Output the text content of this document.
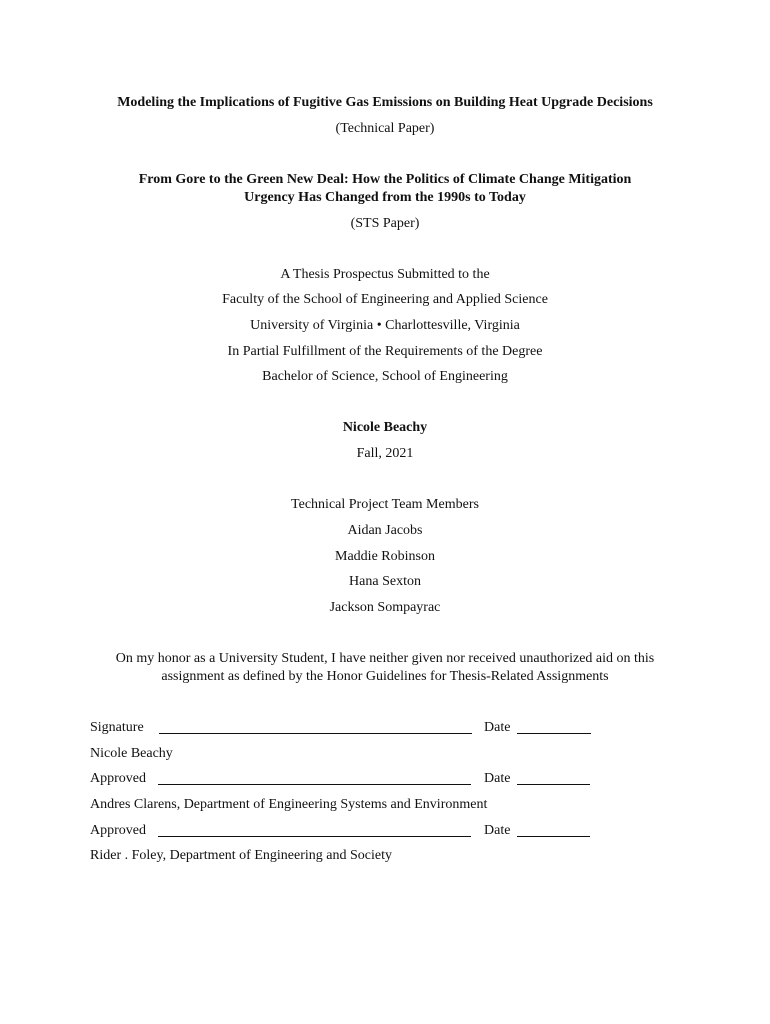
Modeling the Implications of Fugitive Gas Emissions on Building Heat Upgrade Decisions
(Technical Paper)
From Gore to the Green New Deal: How the Politics of Climate Change Mitigation
Urgency Has Changed from the 1990s to Today
(STS Paper)
A Thesis Prospectus Submitted to the
Faculty of the School of Engineering and Applied Science
University of Virginia • Charlottesville, Virginia
In Partial Fulfillment of the Requirements of the Degree
Bachelor of Science, School of Engineering
Nicole Beachy
Fall, 2021
Technical Project Team Members
Aidan Jacobs
Maddie Robinson
Hana Sexton
Jackson Sompayrac
On my honor as a University Student, I have neither given nor received unauthorized aid on this
assignment as defined by the Honor Guidelines for Thesis-Related Assignments
Signature	Date
Nicole Beachy
Approved	Date
Andres Clarens, Department of Engineering Systems and Environment
Approved	Date
Rider . Foley, Department of Engineering and Society
